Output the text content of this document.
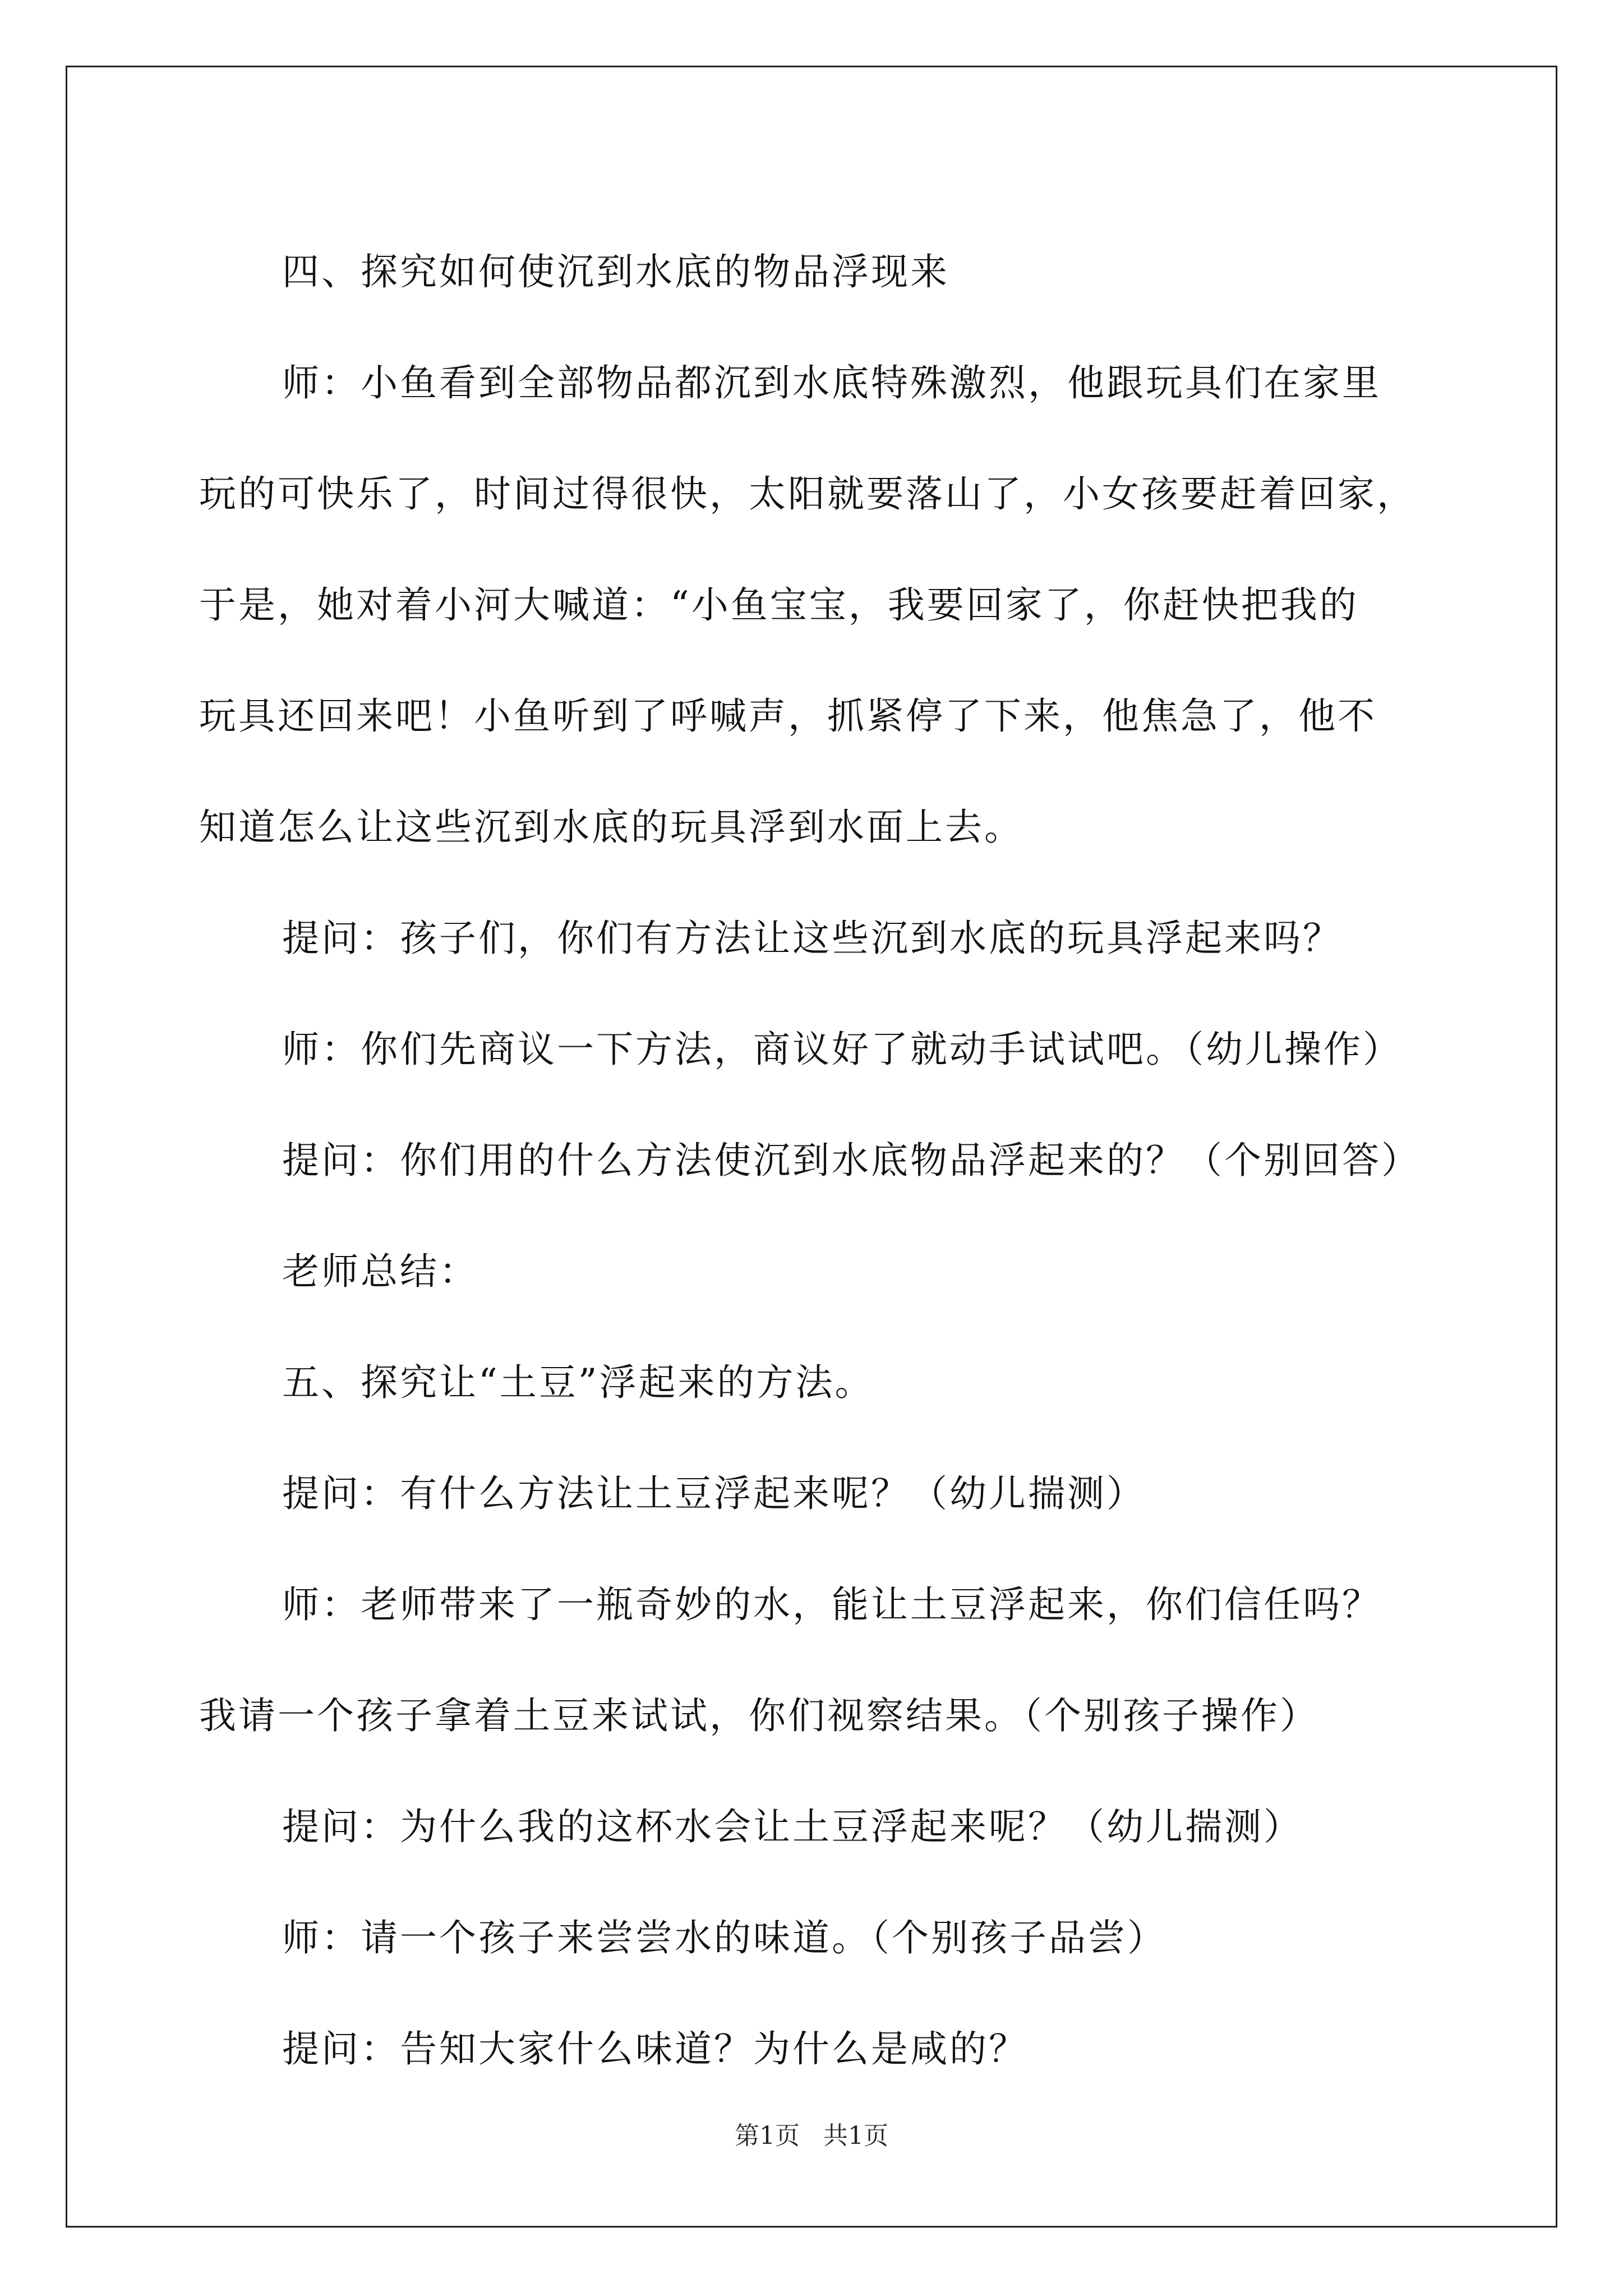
四、探究如何使沉到水底的物品浮现来

师：小鱼看到全部物品都沉到水底特殊激烈，他跟玩具们在家里

玩的可快乐了，时间过得很快，太阳就要落山了，小女孩要赶着回家，

于是，她对着小河大喊道：“小鱼宝宝，我要回家了，你赶快把我的

玩具还回来吧！小鱼听到了呼喊声，抓紧停了下来，他焦急了，他不

知道怎么让这些沉到水底的玩具浮到水面上去。

提问：孩子们，你们有方法让这些沉到水底的玩具浮起来吗？

师：你们先商议一下方法，商议好了就动手试试吧。（幼儿操作）

提问：你们用的什么方法使沉到水底物品浮起来的？（个别回答）

老师总结：

五、探究让“土豆”浮起来的方法。

提问：有什么方法让土豆浮起来呢？（幼儿揣测）

师：老师带来了一瓶奇妙的水，能让土豆浮起来，你们信任吗？

我请一个孩子拿着土豆来试试，你们视察结果。（个别孩子操作）

提问：为什么我的这杯水会让土豆浮起来呢？（幼儿揣测）

师：请一个孩子来尝尝水的味道。（个别孩子品尝）

提问：告知大家什么味道？为什么是咸的？

第1页 共1页
